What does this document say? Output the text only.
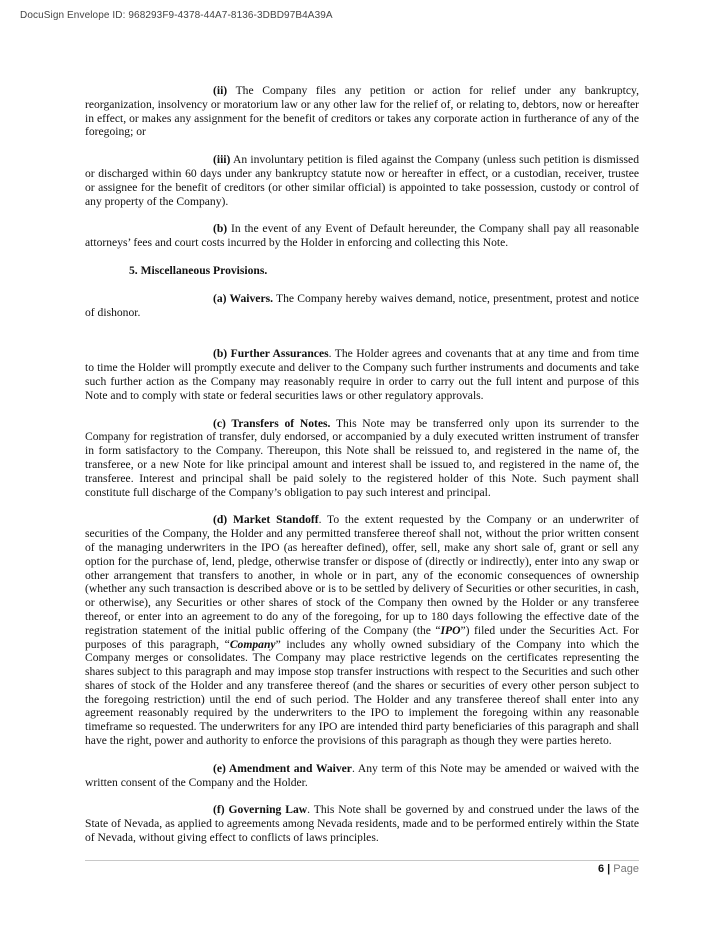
DocuSign Envelope ID: 968293F9-4378-44A7-8136-3DBD97B4A39A

(ii) The Company files any petition or action for relief under any bankruptcy, reorganization, insolvency or moratorium law or any other law for the relief of, or relating to, debtors, now or hereafter in effect, or makes any assignment for the benefit of creditors or takes any corporate action in furtherance of any of the foregoing; or

(iii) An involuntary petition is filed against the Company (unless such petition is dismissed or discharged within 60 days under any bankruptcy statute now or hereafter in effect, or a custodian, receiver, trustee or assignee for the benefit of creditors (or other similar official) is appointed to take possession, custody or control of any property of the Company).

(b) In the event of any Event of Default hereunder, the Company shall pay all reasonable attorneys’ fees and court costs incurred by the Holder in enforcing and collecting this Note.

5. Miscellaneous Provisions.

(a) Waivers. The Company hereby waives demand, notice, presentment, protest and notice of dishonor.

(b) Further Assurances. The Holder agrees and covenants that at any time and from time to time the Holder will promptly execute and deliver to the Company such further instruments and documents and take such further action as the Company may reasonably require in order to carry out the full intent and purpose of this Note and to comply with state or federal securities laws or other regulatory approvals.

(c) Transfers of Notes. This Note may be transferred only upon its surrender to the Company for registration of transfer, duly endorsed, or accompanied by a duly executed written instrument of transfer in form satisfactory to the Company. Thereupon, this Note shall be reissued to, and registered in the name of, the transferee, or a new Note for like principal amount and interest shall be issued to, and registered in the name of, the transferee. Interest and principal shall be paid solely to the registered holder of this Note. Such payment shall constitute full discharge of the Company’s obligation to pay such interest and principal.

(d) Market Standoff. To the extent requested by the Company or an underwriter of securities of the Company, the Holder and any permitted transferee thereof shall not, without the prior written consent of the managing underwriters in the IPO (as hereafter defined), offer, sell, make any short sale of, grant or sell any option for the purchase of, lend, pledge, otherwise transfer or dispose of (directly or indirectly), enter into any swap or other arrangement that transfers to another, in whole or in part, any of the economic consequences of ownership (whether any such transaction is described above or is to be settled by delivery of Securities or other securities, in cash, or otherwise), any Securities or other shares of stock of the Company then owned by the Holder or any transferee thereof, or enter into an agreement to do any of the foregoing, for up to 180 days following the effective date of the registration statement of the initial public offering of the Company (the “IPO”) filed under the Securities Act. For purposes of this paragraph, “Company” includes any wholly owned subsidiary of the Company into which the Company merges or consolidates. The Company may place restrictive legends on the certificates representing the shares subject to this paragraph and may impose stop transfer instructions with respect to the Securities and such other shares of stock of the Holder and any transferee thereof (and the shares or securities of every other person subject to the foregoing restriction) until the end of such period. The Holder and any transferee thereof shall enter into any agreement reasonably required by the underwriters to the IPO to implement the foregoing within any reasonable timeframe so requested. The underwriters for any IPO are intended third party beneficiaries of this paragraph and shall have the right, power and authority to enforce the provisions of this paragraph as though they were parties hereto.

(e) Amendment and Waiver. Any term of this Note may be amended or waived with the written consent of the Company and the Holder.

(f) Governing Law. This Note shall be governed by and construed under the laws of the State of Nevada, as applied to agreements among Nevada residents, made and to be performed entirely within the State of Nevada, without giving effect to conflicts of laws principles.

6 | Page
